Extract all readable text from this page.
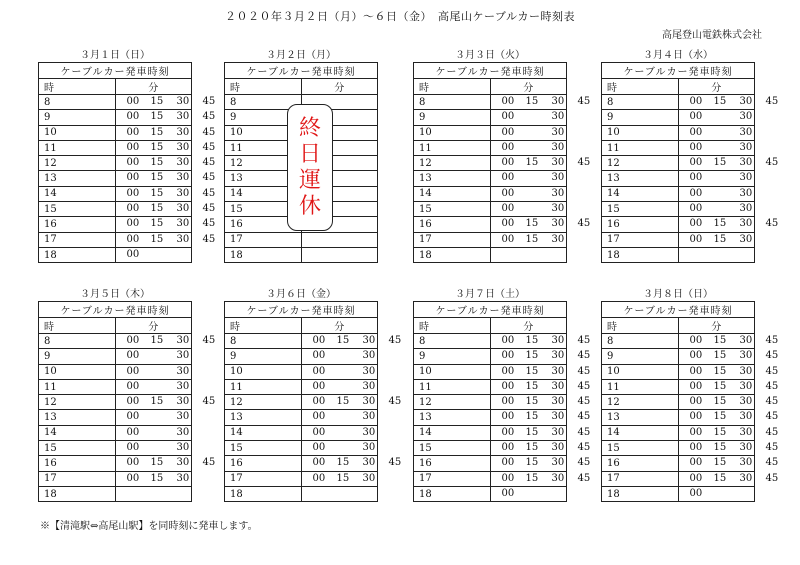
２０２０年３月２日（月）～６日（金）　高尾山ケーブルカー時刻表
高尾登山電鉄株式会社
３月１日（日）
ケーブルカー発車時刻	
時	分
8	00 15 30 45

9	00 15 30 45

10	00 15 30 45

11	00 15 30 45

12	00 15 30 45

13	00 15 30 45

14	00 15 30 45

15	00 15 30 45

16	00 15 30 45

17	00 15 30 45

18	00
３月２日（月）
ケーブルカー発車時刻	
時	分
8	
9	
10	
11	
12	
13	
14	
15	
16	
17	
18	
３月３日（火）
ケーブルカー発車時刻	
時	分
8	00 15 30 45

9	00 30

10	00 30

11	00 30

12	00 15 30 45

13	00 30

14	00 30

15	00 30

16	00 15 30 45

17	00 15 30

18	
３月４日（水）
ケーブルカー発車時刻	
時	分
8	00 15 30 45

9	00 30

10	00 30

11	00 30

12	00 15 30 45

13	00 30

14	00 30

15	00 30

16	00 15 30 45

17	00 15 30

18	
３月５日（木）
ケーブルカー発車時刻	
時	分
8	00 15 30 45

9	00 30

10	00 30

11	00 30

12	00 15 30 45

13	00 30

14	00 30

15	00 30

16	00 15 30 45

17	00 15 30

18	
３月６日（金）
ケーブルカー発車時刻	
時	分
8	00 15 30 45

9	00 30

10	00 30

11	00 30

12	00 15 30 45

13	00 30

14	00 30

15	00 30

16	00 15 30 45

17	00 15 30

18	
３月７日（土）
ケーブルカー発車時刻	
時	分
8	00 15 30 45

9	00 15 30 45

10	00 15 30 45

11	00 15 30 45

12	00 15 30 45

13	00 15 30 45

14	00 15 30 45

15	00 15 30 45

16	00 15 30 45

17	00 15 30 45

18	00
３月８日（日）
ケーブルカー発車時刻	
時	分
8	00 15 30 45

9	00 15 30 45

10	00 15 30 45

11	00 15 30 45

12	00 15 30 45

13	00 15 30 45

14	00 15 30 45

15	00 15 30 45

16	00 15 30 45

17	00 15 30 45

18	00
終
日
運
休
※【清滝駅⇔高尾山駅】を同時刻に発車します。
